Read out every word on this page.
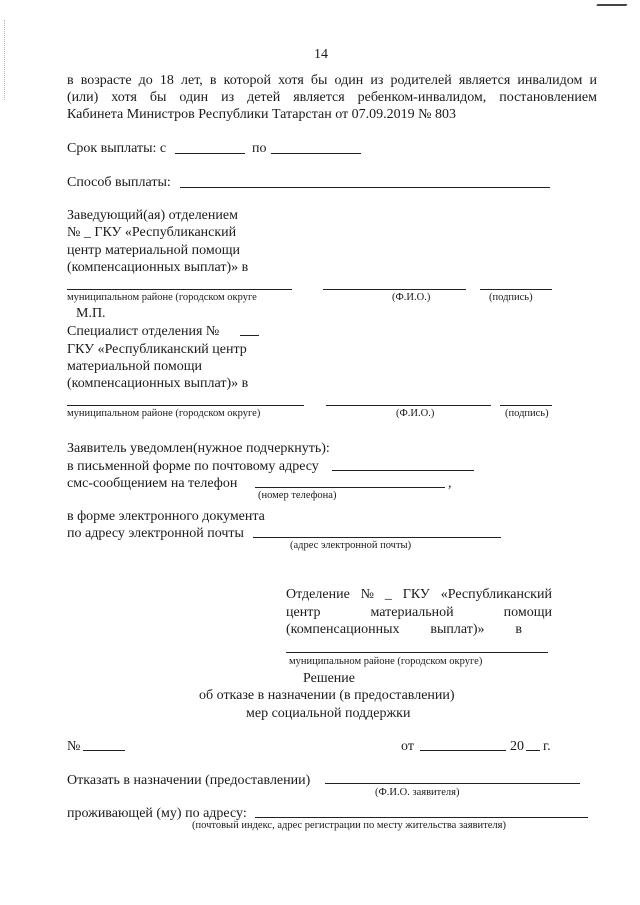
14
в возрасте до 18 лет, в которой хотя бы один из родителей является инвалидом и
(или) хотя бы один из детей является ребенком-инвалидом, постановлением
Кабинета Министров Республики Татарстан от 07.09.2019 № 803
Срок выплаты: с	по
Способ выплаты:
Заведующий(ая) отделением
№ _ ГКУ «Республиканский
центр материальной помощи
(компенсационных выплат)» в
муниципальном районе (городском округе	(Ф.И.О.)	(подпись)
М.П.
Специалист отделения №
ГКУ «Республиканский центр
материальной помощи
(компенсационных выплат)» в
муниципальном районе (городском округе)	(Ф.И.О.)	(подпись)
Заявитель уведомлен(нужное подчеркнуть):
в письменной форме по почтовому адресу
смс-сообщением на телефон	,
(номер телефона)
в форме электронного документа
по адресу электронной почты
(адрес электронной почты)
Отделение № _ ГКУ «Республиканский
центр	материальной	помощи
(компенсационных выплат)» в
муниципальном районе (городском округе)
Решение
об отказе в назначении (в предоставлении)
мер социальной поддержки
№	от	20 г.
Отказать в назначении (предоставлении)
(Ф.И.О. заявителя)
проживающей (му) по адресу:
(почтовый индекс, адрес регистрации по месту жительства заявителя)
